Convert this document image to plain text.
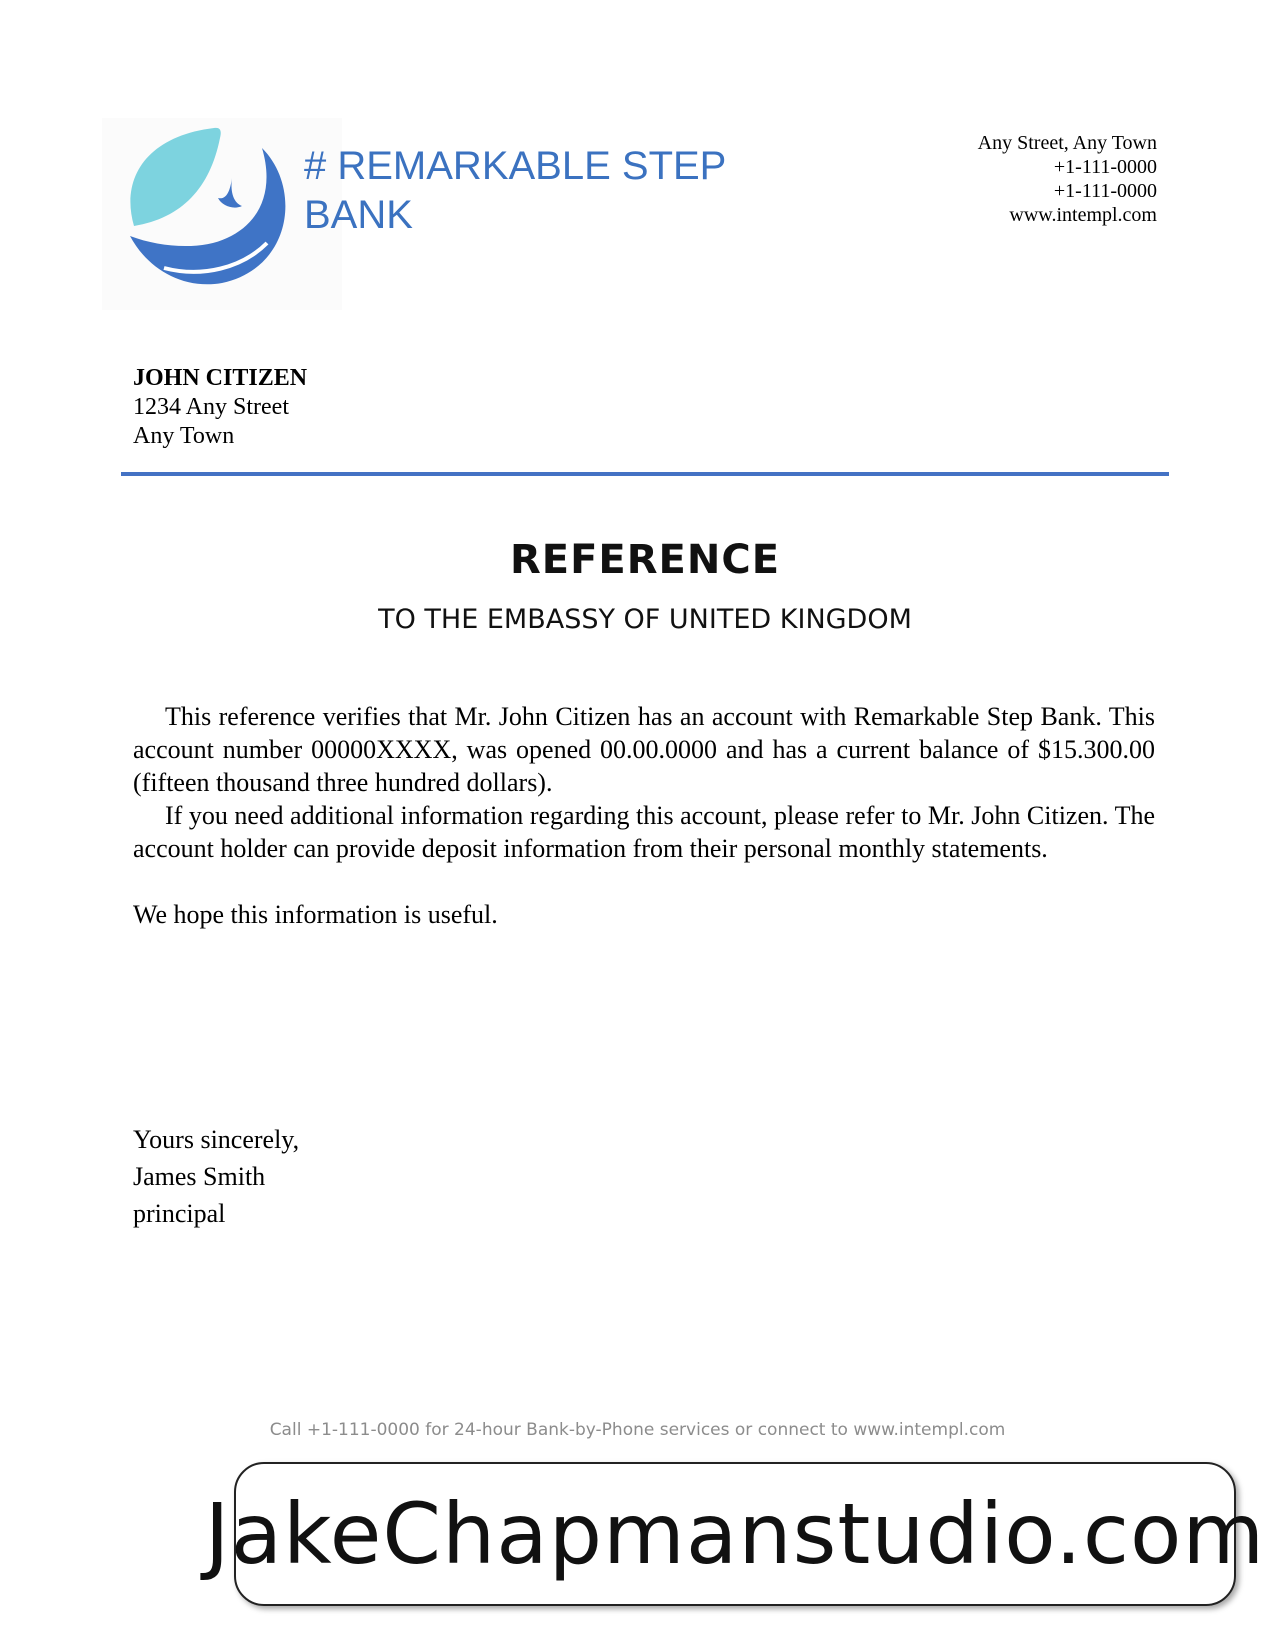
# REMARKABLE STEP BANK
Any Street, Any Town
+1-111-0000
+1-111-0000
www.intempl.com
JOHN CITIZEN
1234 Any Street
Any Town
REFERENCE
TO THE EMBASSY OF UNITED KINGDOM

This reference verifies that Mr. John Citizen has an account with Remarkable Step Bank. This account number 00000XXXX, was opened 00.00.0000 and has a current balance of $15.300.00 (fifteen thousand three hundred dollars).

If you need additional information regarding this account, please refer to Mr. John Citizen. The account holder can provide deposit information from their personal monthly statements.

We hope this information is useful.

Yours sincerely,
James Smith
principal
Call +1-111-0000 for 24-hour Bank-by-Phone services or connect to www.intempl.com
JakeChapmanstudio.com
